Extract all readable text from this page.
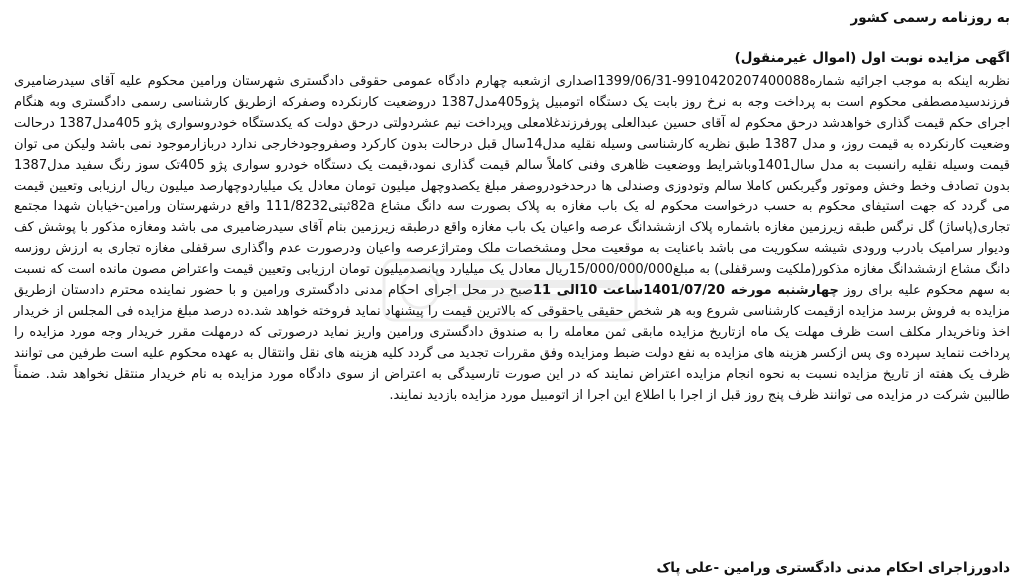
به روزنامه رسمی کشور

اگهی مزایده نوبت اول (اموال غیرمنقول)

نظربه اینکه به موجب اجرائیه شماره9910420207400088-1399/06/31اصداری ازشعبه چهارم دادگاه عمومی حقوقی دادگستری شهرستان ورامین محکوم علیه آقای سیدرضامیری فرزندسیدمصطفی محکوم است به پرداخت وجه به نرخ روز بابت یک دستگاه اتومبیل پژو405مدل1387 دروضعیت کارنکرده وصفرکه ازطریق کارشناسی رسمی دادگستری وبه هنگام اجرای حکم قیمت گذاری خواهدشد درحق محکوم له آقای حسین عبدالعلی پورفرزندغلامعلی وپرداخت نیم عشردولتی درحق دولت که یکدستگاه خودروسواری پژو 405مدل1387 درحالت وضعیت کارنکرده به قیمت روز، و مدل 1387 طبق نظریه کارشناسی وسیله نقلیه مدل14سال قبل درحالت بدون کارکرد وصفروجودخارجی ندارد دربازارموجود نمی باشد ولیکن می توان قیمت وسیله نقلیه رانسبت به مدل سال1401وباشرایط ووضعیت ظاهری وفنی کاملاً سالم قیمت گذاری نمود،قیمت یک دستگاه خودرو سواری پژو 405تک سوز رنگ سفید مدل1387 بدون تصادف وخط وخش وموتور وگیربکس کاملا سالم وتودوزی وصندلی ها درحدخودروصفر مبلغ یکصدوچهل میلیون تومان معادل یک میلیاردوچهارصد میلیون ریال ارزیابی وتعیین قیمت می گردد که جهت استیفای محکوم به حسب درخواست محکوم له یک باب مغازه به پلاک بصورت سه دانگ مشاع 82aثبتی111/8232 واقع درشهرستان ورامین-خیابان شهدا مجتمع تجاری(پاساژ) گل نرگس طبقه زیرزمین مغازه باشماره پلاک ازششدانگ عرصه واعیان یک باب مغازه واقع درطبقه زیرزمین بنام آقای سیدرضامیری می باشد ومغازه مذکور با پوشش کف ودیوار سرامیک بادرب ورودی شیشه سکوریت می باشد باعنایت به موقعیت محل ومشخصات ملک ومتراژعرصه واعیان ودرصورت عدم واگذاری سرقفلی مغازه تجاری به ارزش روزسه دانگ مشاع ازششدانگ مغازه مذکور(ملکیت وسرقفلی) به مبلغ15/000/000/000ریال معادل یک میلیارد وپانصدمیلیون تومان ارزیابی وتعیین قیمت واعتراض مصون مانده است که نسبت به سهم محکوم علیه برای روز چهارشنبه مورخه 1401/07/20ساعت 10الی 11صبح در محل اجرای احکام مدنی دادگستری ورامین و با حضور نماینده محترم دادستان ازطریق مزایده به فروش برسد مزایده ازقیمت کارشناسی شروع وبه هر شخص حقیقی یاحقوقی که بالاترین قیمت را پیشنهاد نماید فروخته خواهد شد.ده درصد مبلغ مزایده فی المجلس از خریدار اخذ وناخریدار مکلف است ظرف مهلت یک ماه ازتاریخ مزایده مابقی ثمن معامله را به صندوق دادگستری ورامین واریز نماید درصورتی که درمهلت مقرر خریدار وجه مورد مزایده را پرداخت ننماید سپرده وی پس ازکسر هزینه های مزایده به نفع دولت ضبط ومزایده وفق مقررات تجدید می گردد کلیه هزینه های نقل وانتقال به عهده محکوم علیه است طرفین می توانند ظرف یک هفته از تاریخ مزایده نسبت به نحوه انجام مزایده اعتراض نمایند که در این صورت تارسیدگی به اعتراض از سوی دادگاه مورد مزایده به نام خریدار منتقل نخواهد شد. ضمناً طالبین شرکت در مزایده می توانند ظرف پنج روز قبل از اجرا با اطلاع این اجرا از اتومبیل مورد مزایده بازدید نمایند.

دادورزاجرای احکام مدنی دادگستری ورامین -علی پاک
